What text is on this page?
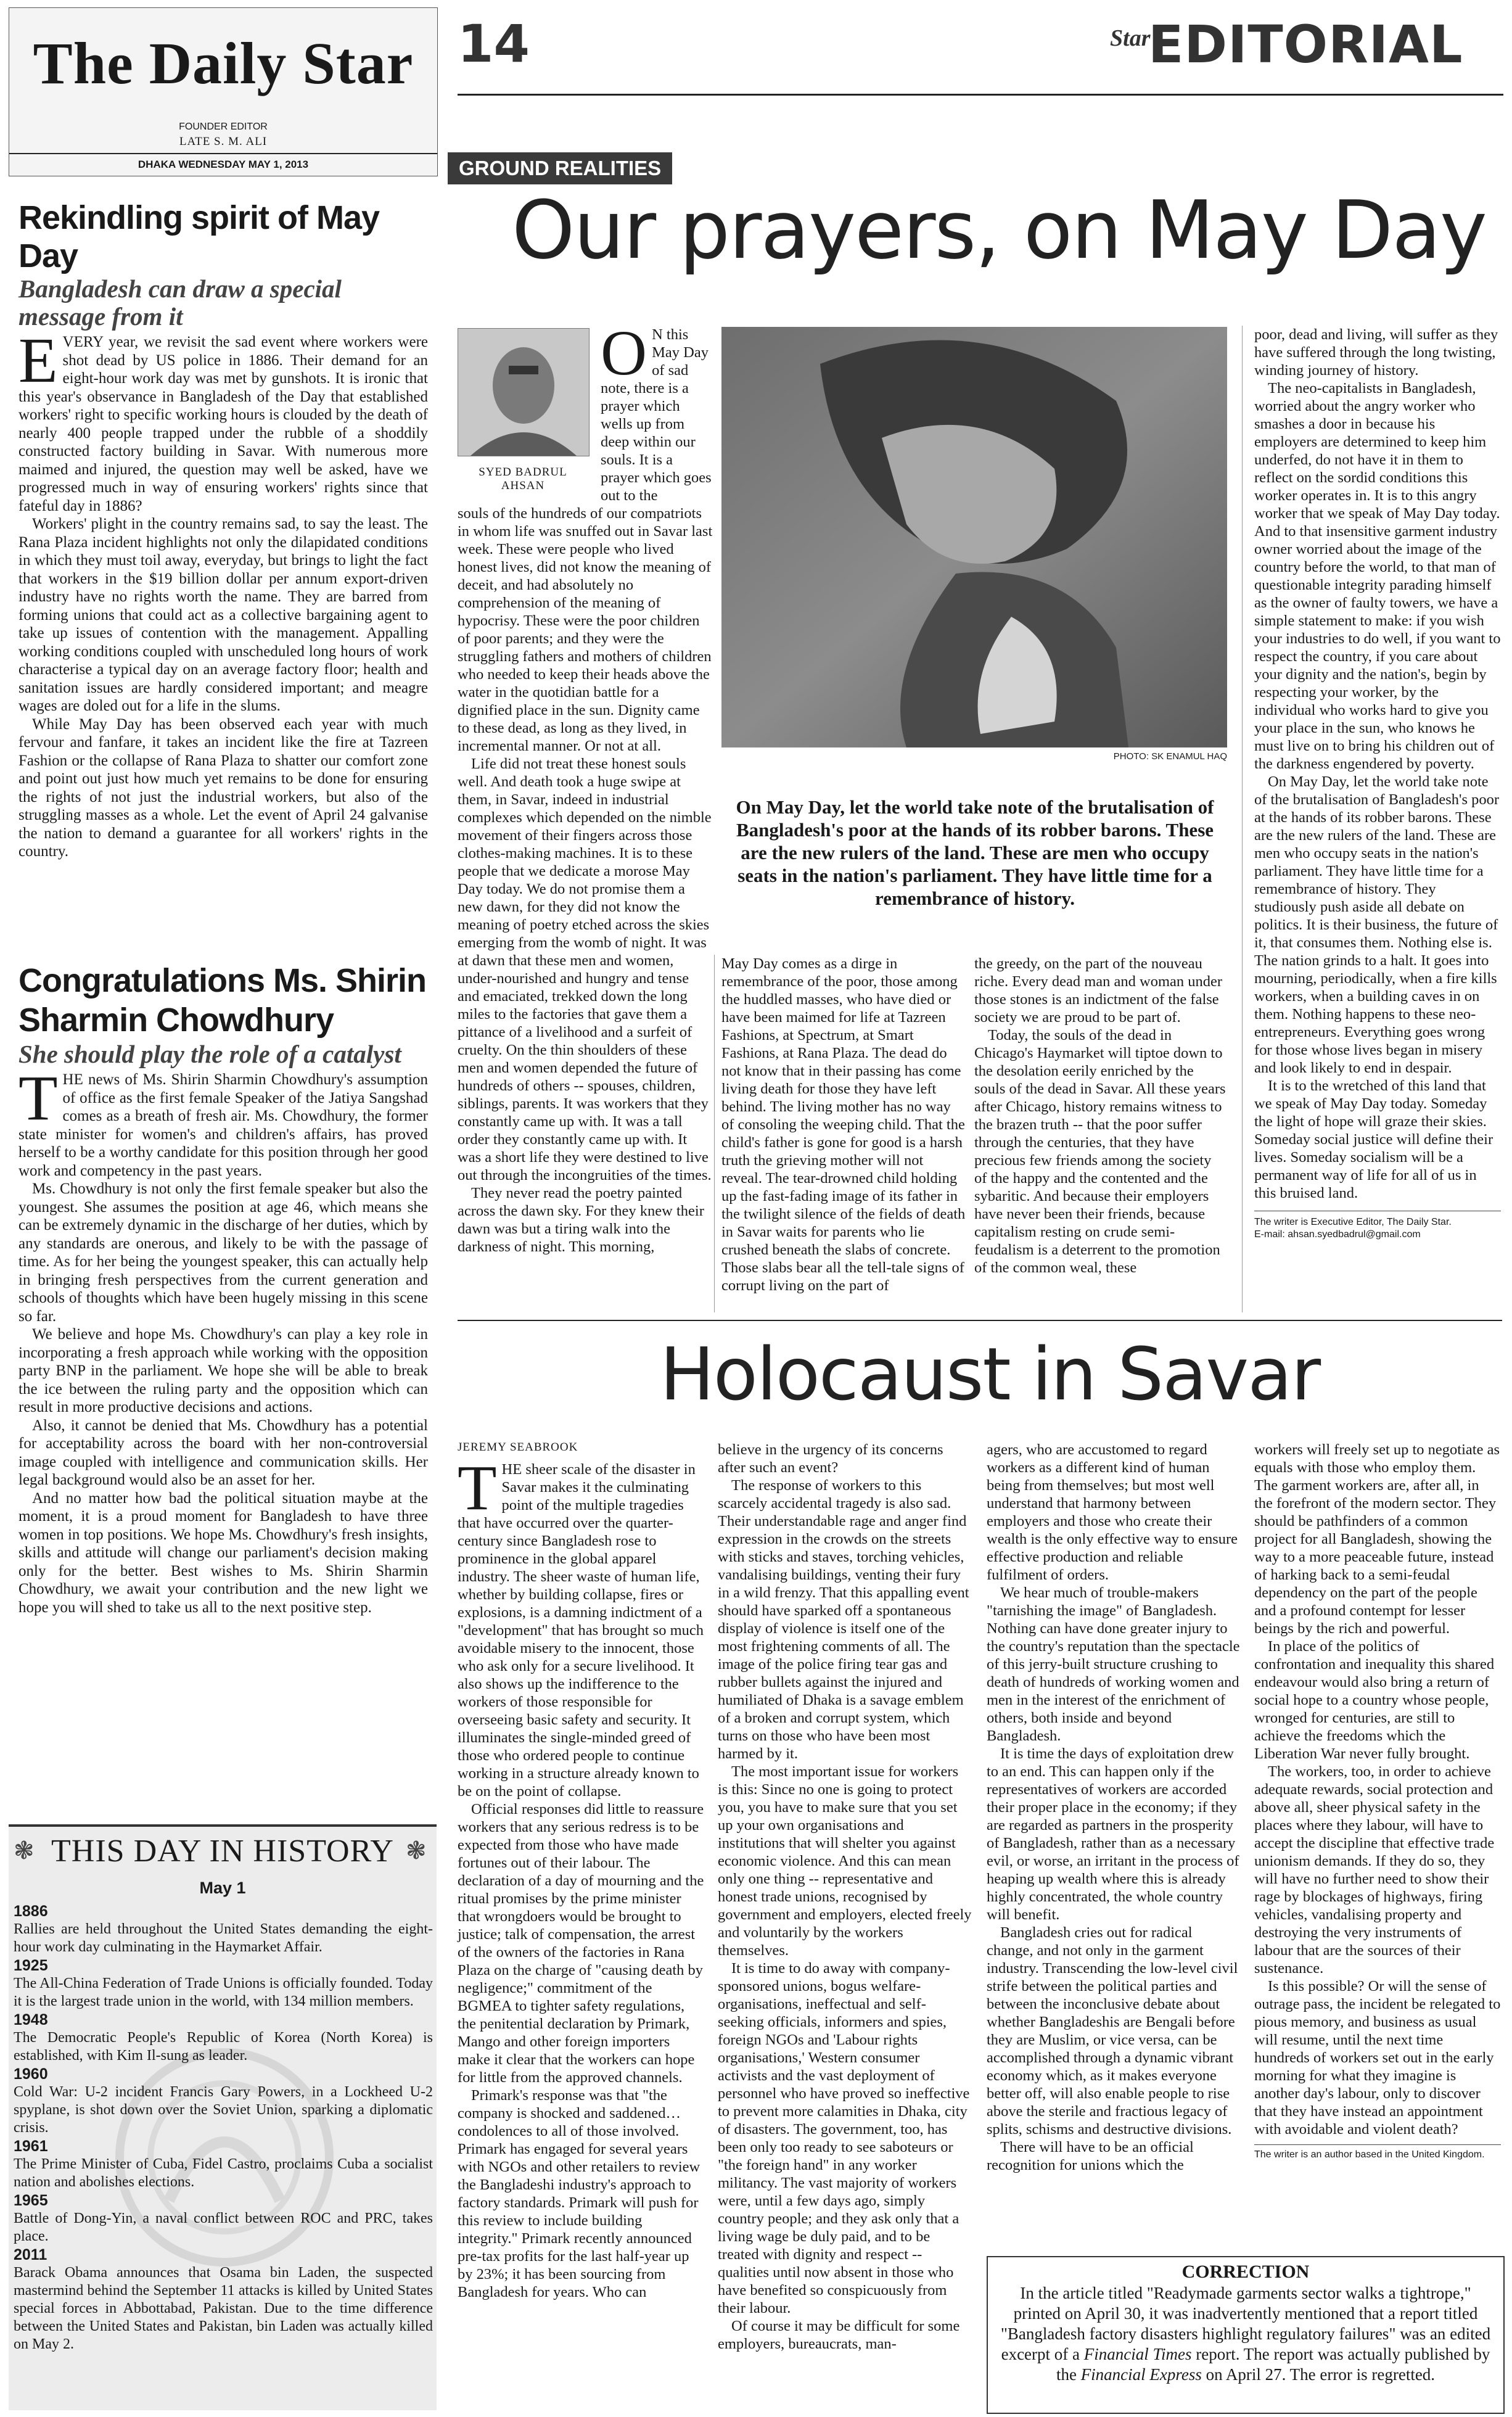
The Daily Star
FOUNDER EDITOR
LATE S. M. ALI
DHAKA WEDNESDAY MAY 1, 2013
Rekindling spirit of May Day
Bangladesh can draw a special message from it
E VERY year, we revisit the sad event where workers were shot dead by US police in 1886. Their demand for an eight-hour work day was met by gunshots. It is ironic that this year's observance in Bangladesh of the Day that established workers' right to specific working hours is clouded by the death of nearly 400 people trapped under the rubble of a shoddily constructed factory building in Savar. With numerous more maimed and injured, the question may well be asked, have we progressed much in way of ensuring workers' rights since that fateful day in 1886?

Workers' plight in the country remains sad, to say the least. The Rana Plaza incident highlights not only the dilapidated conditions in which they must toil away, everyday, but brings to light the fact that workers in the $19 billion dollar per annum export-driven industry have no rights worth the name. They are barred from forming unions that could act as a collective bargaining agent to take up issues of contention with the management. Appalling working conditions coupled with unscheduled long hours of work characterise a typical day on an average factory floor; health and sanitation issues are hardly considered important; and meagre wages are doled out for a life in the slums.

While May Day has been observed each year with much fervour and fanfare, it takes an incident like the fire at Tazreen Fashion or the collapse of Rana Plaza to shatter our comfort zone and point out just how much yet remains to be done for ensuring the rights of not just the industrial workers, but also of the struggling masses as a whole. Let the event of April 24 galvanise the nation to demand a guarantee for all workers' rights in the country.

Congratulations Ms. Shirin Sharmin Chowdhury
She should play the role of a catalyst
T HE news of Ms. Shirin Sharmin Chowdhury's assumption of office as the first female Speaker of the Jatiya Sangshad comes as a breath of fresh air. Ms. Chowdhury, the former state minister for women's and children's affairs, has proved herself to be a worthy candidate for this position through her good work and competency in the past years.

Ms. Chowdhury is not only the first female speaker but also the youngest. She assumes the position at age 46, which means she can be extremely dynamic in the discharge of her duties, which by any standards are onerous, and likely to be with the passage of time. As for her being the youngest speaker, this can actually help in bringing fresh perspectives from the current generation and schools of thoughts which have been hugely missing in this scene so far.

We believe and hope Ms. Chowdhury's can play a key role in incorporating a fresh approach while working with the opposition party BNP in the parliament. We hope she will be able to break the ice between the ruling party and the opposition which can result in more productive decisions and actions.

Also, it cannot be denied that Ms. Chowdhury has a potential for acceptability across the board with her non-controversial image coupled with intelligence and communication skills. Her legal background would also be an asset for her.

And no matter how bad the political situation maybe at the moment, it is a proud moment for Bangladesh to have three women in top positions. We hope Ms. Chowdhury's fresh insights, skills and attitude will change our parliament's decision making only for the better. Best wishes to Ms. Shirin Sharmin Chowdhury, we await your contribution and the new light we hope you will shed to take us all to the next positive step.

❃	❃
THIS DAY IN HISTORY
May 1
1886
Rallies are held throughout the United States demanding the eight-hour work day culminating in the Haymarket Affair.
1925
The All-China Federation of Trade Unions is officially founded. Today it is the largest trade union in the world, with 134 million members.
1948
The Democratic People's Republic of Korea (North Korea) is established, with Kim Il-sung as leader.
1960
Cold War: U-2 incident Francis Gary Powers, in a Lockheed U-2 spyplane, is shot down over the Soviet Union, sparking a diplomatic crisis.
1961
The Prime Minister of Cuba, Fidel Castro, proclaims Cuba a socialist nation and abolishes elections.
1965
Battle of Dong-Yin, a naval conflict between ROC and PRC, takes place.
2011
Barack Obama announces that Osama bin Laden, the suspected mastermind behind the September 11 attacks is killed by United States special forces in Abbottabad, Pakistan. Due to the time difference between the United States and Pakistan, bin Laden was actually killed on May 2.
14	Star
EDITORIAL
GROUND REALITIES
Our prayers, on May Day
SYED BADRUL AHSAN
O N this May Day of sad note, there is a prayer which wells up from deep within our souls. It is a prayer which goes out to the

souls of the hundreds of our compatriots in whom life was snuffed out in Savar last week. These were people who lived honest lives, did not know the meaning of deceit, and had absolutely no comprehension of the meaning of hypocrisy. These were the poor children of poor parents; and they were the struggling fathers and mothers of children who needed to keep their heads above the water in the quotidian battle for a dignified place in the sun. Dignity came to these dead, as long as they lived, in incremental manner. Or not at all.

Life did not treat these honest souls well. And death took a huge swipe at them, in Savar, indeed in industrial complexes which depended on the nimble movement of their fingers across those clothes-making machines. It is to these people that we dedicate a morose May Day today. We do not promise them a new dawn, for they did not know the meaning of poetry etched across the skies emerging from the womb of night. It was at dawn that these men and women, under-nourished and hungry and tense and emaciated, trekked down the long miles to the factories that gave them a pittance of a livelihood and a surfeit of cruelty. On the thin shoulders of these men and women depended the future of hundreds of others -- spouses, children, siblings, parents. It was workers that they constantly came up with. It was a tall order they constantly came up with. It was a short life they were destined to live out through the incongruities of the times.

They never read the poetry painted across the dawn sky. For they knew their dawn was but a tiring walk into the darkness of night. This morning,

PHOTO: SK ENAMUL HAQ
On May Day, let the world take note of the brutalisation of Bangladesh's poor at the hands of its robber barons. These are the new rulers of the land. These are men who occupy seats in the nation's parliament. They have little time for a remembrance of history.

May Day comes as a dirge in remembrance of the poor, those among the huddled masses, who have died or have been maimed for life at Tazreen Fashions, at Spectrum, at Smart Fashions, at Rana Plaza. The dead do not know that in their passing has come living death for those they have left behind. The living mother has no way of consoling the weeping child. That the child's father is gone for good is a harsh truth the grieving mother will not reveal. The tear-drowned child holding up the fast-fading image of its father in the twilight silence of the fields of death in Savar waits for parents who lie crushed beneath the slabs of concrete. Those slabs bear all the tell-tale signs of corrupt living on the part of

the greedy, on the part of the nouveau riche. Every dead man and woman under those stones is an indictment of the false society we are proud to be part of.

Today, the souls of the dead in Chicago's Haymarket will tiptoe down to the desolation eerily enriched by the souls of the dead in Savar. All these years after Chicago, history remains witness to the brazen truth -- that the poor suffer through the centuries, that they have precious few friends among the society of the happy and the contented and the sybaritic. And because their employers have never been their friends, because capitalism resting on crude semi-feudalism is a deterrent to the promotion of the common weal, these

poor, dead and living, will suffer as they have suffered through the long twisting, winding journey of history.

The neo-capitalists in Bangladesh, worried about the angry worker who smashes a door in because his employers are determined to keep him underfed, do not have it in them to reflect on the sordid conditions this worker operates in. It is to this angry worker that we speak of May Day today. And to that insensitive garment industry owner worried about the image of the country before the world, to that man of questionable integrity parading himself as the owner of faulty towers, we have a simple statement to make: if you wish your industries to do well, if you want to respect the country, if you care about your dignity and the nation's, begin by respecting your worker, by the individual who works hard to give you your place in the sun, who knows he must live on to bring his children out of the darkness engendered by poverty.

On May Day, let the world take note of the brutalisation of Bangladesh's poor at the hands of its robber barons. These are the new rulers of the land. These are men who occupy seats in the nation's parliament. They have little time for a remembrance of history. They studiously push aside all debate on politics. It is their business, the future of it, that consumes them. Nothing else is. The nation grinds to a halt. It goes into mourning, periodically, when a fire kills workers, when a building caves in on them. Nothing happens to these neo-entrepreneurs. Everything goes wrong for those whose lives began in misery and look likely to end in despair.

It is to the wretched of this land that we speak of May Day today. Someday the light of hope will graze their skies. Someday social justice will define their lives. Someday socialism will be a permanent way of life for all of us in this bruised land.

The writer is Executive Editor, The Daily Star.
E-mail: ahsan.syedbadrul@gmail.com
Holocaust in Savar
JEREMY SEABROOK
T HE sheer scale of the disaster in Savar makes it the culminating point of the multiple tragedies that have occurred over the quarter-century since Bangladesh rose to prominence in the global apparel industry. The sheer waste of human life, whether by building collapse, fires or explosions, is a damning indictment of a "development" that has brought so much avoidable misery to the innocent, those who ask only for a secure livelihood. It also shows up the indifference to the workers of those responsible for overseeing basic safety and security. It illuminates the single-minded greed of those who ordered people to continue working in a structure already known to be on the point of collapse.

Official responses did little to reassure workers that any serious redress is to be expected from those who have made fortunes out of their labour. The declaration of a day of mourning and the ritual promises by the prime minister that wrongdoers would be brought to justice; talk of compensation, the arrest of the owners of the factories in Rana Plaza on the charge of "causing death by negligence;" commitment of the BGMEA to tighter safety regulations, the penitential declaration by Primark, Mango and other foreign importers make it clear that the workers can hope for little from the approved channels.

Primark's response was that "the company is shocked and saddened…condolences to all of those involved. Primark has engaged for several years with NGOs and other retailers to review the Bangladeshi industry's approach to factory standards. Primark will push for this review to include building integrity." Primark recently announced pre-tax profits for the last half-year up by 23%; it has been sourcing from Bangladesh for years. Who can

believe in the urgency of its concerns after such an event?

The response of workers to this scarcely accidental tragedy is also sad. Their understandable rage and anger find expression in the crowds on the streets with sticks and staves, torching vehicles, vandalising buildings, venting their fury in a wild frenzy. That this appalling event should have sparked off a spontaneous display of violence is itself one of the most frightening comments of all. The image of the police firing tear gas and rubber bullets against the injured and humiliated of Dhaka is a savage emblem of a broken and corrupt system, which turns on those who have been most harmed by it.

The most important issue for workers is this: Since no one is going to protect you, you have to make sure that you set up your own organisations and institutions that will shelter you against economic violence. And this can mean only one thing -- representative and honest trade unions, recognised by government and employers, elected freely and voluntarily by the workers themselves.

It is time to do away with company-sponsored unions, bogus welfare-organisations, ineffectual and self-seeking officials, informers and spies, foreign NGOs and 'Labour rights organisations,' Western consumer activists and the vast deployment of personnel who have proved so ineffective to prevent more calamities in Dhaka, city of disasters. The government, too, has been only too ready to see saboteurs or "the foreign hand" in any worker militancy. The vast majority of workers were, until a few days ago, simply country people; and they ask only that a living wage be duly paid, and to be treated with dignity and respect -- qualities until now absent in those who have benefited so conspicuously from their labour.

Of course it may be difficult for some employers, bureaucrats, man-

agers, who are accustomed to regard workers as a different kind of human being from themselves; but most well understand that harmony between employers and those who create their wealth is the only effective way to ensure effective production and reliable fulfilment of orders.

We hear much of trouble-makers "tarnishing the image" of Bangladesh. Nothing can have done greater injury to the country's reputation than the spectacle of this jerry-built structure crushing to death of hundreds of working women and men in the interest of the enrichment of others, both inside and beyond Bangladesh.

It is time the days of exploitation drew to an end. This can happen only if the representatives of workers are accorded their proper place in the economy; if they are regarded as partners in the prosperity of Bangladesh, rather than as a necessary evil, or worse, an irritant in the process of heaping up wealth where this is already highly concentrated, the whole country will benefit.

Bangladesh cries out for radical change, and not only in the garment industry. Transcending the low-level civil strife between the political parties and between the inconclusive debate about whether Bangladeshis are Bengali before they are Muslim, or vice versa, can be accomplished through a dynamic vibrant economy which, as it makes everyone better off, will also enable people to rise above the sterile and fractious legacy of splits, schisms and destructive divisions.

There will have to be an official recognition for unions which the

workers will freely set up to negotiate as equals with those who employ them. The garment workers are, after all, in the forefront of the modern sector. They should be pathfinders of a common project for all Bangladesh, showing the way to a more peaceable future, instead of harking back to a semi-feudal dependency on the part of the people and a profound contempt for lesser beings by the rich and powerful.

In place of the politics of confrontation and inequality this shared endeavour would also bring a return of social hope to a country whose people, wronged for centuries, are still to achieve the freedoms which the Liberation War never fully brought.

The workers, too, in order to achieve adequate rewards, social protection and above all, sheer physical safety in the places where they labour, will have to accept the discipline that effective trade unionism demands. If they do so, they will have no further need to show their rage by blockages of highways, firing vehicles, vandalising property and destroying the very instruments of labour that are the sources of their sustenance.

Is this possible? Or will the sense of outrage pass, the incident be relegated to pious memory, and business as usual will resume, until the next time hundreds of workers set out in the early morning for what they imagine is another day's labour, only to discover that they have instead an appointment with avoidable and violent death?

The writer is an author based in the United Kingdom.
CORRECTION
In the article titled "Readymade garments sector walks a tightrope," printed on April 30, it was inadvertently mentioned that a report titled "Bangladesh factory disasters highlight regulatory failures" was an edited excerpt of a Financial Times report. The report was actually published by the Financial Express on April 27. The error is regretted.
